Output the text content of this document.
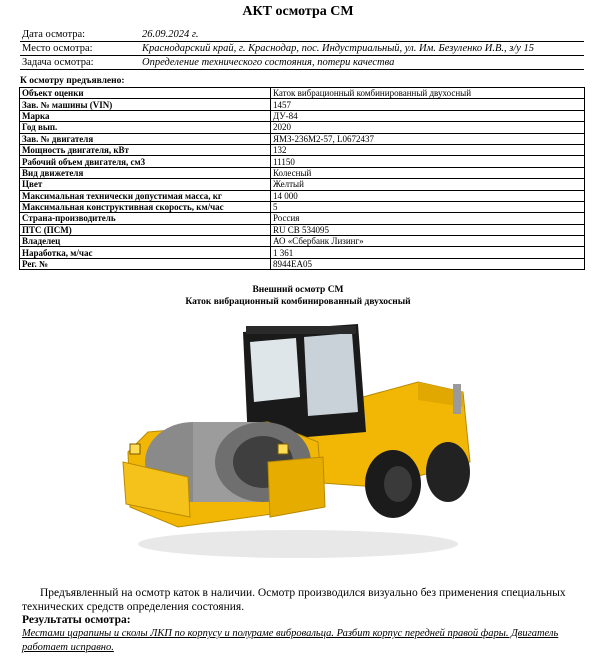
АКТ осмотра СМ
Дата осмотра:	26.09.2024 г.
Место осмотра:	Краснодарский край, г. Краснодар, пос. Индустриальный, ул. Им. Безуленко И.В., з/у 15
Задача осмотра:	Определение технического состояния, потери качества
К осмотру предъявлено:
Объект оценки	Каток вибрационный комбинированный двухосный
Зав. № машины (VIN)	1457
Марка	ДУ-84
Год вып.	2020
Зав. № двигателя	ЯМЗ-236М2-57, L0672437
Мощность двигателя, кВт	132
Рабочий объем двигателя, см3	11150
Вид движетеля	Колесный
Цвет	Желтый
Максимальная технически допустимая масса, кг	14 000
Максимальная конструктивная скорость, км/час	5
Страна-производитель	Россия
ПТС (ПСМ)	RU CB 534095
Владелец	АО «Сбербанк Лизинг»
Наработка, м/час	1 361
Рег. №	8944ЕА05
Внешний осмотр СМ
Каток вибрационный комбинированный двухосный
Предъявленный на осмотр каток в наличии. Осмотр производился визуально без применения специальных технических средств определения состояния.
Результаты осмотра:
Местами царапины и сколы ЛКП по корпусу и полураме вибровальца. Разбит корпус передней правой фары. Двигатель работает исправно.
